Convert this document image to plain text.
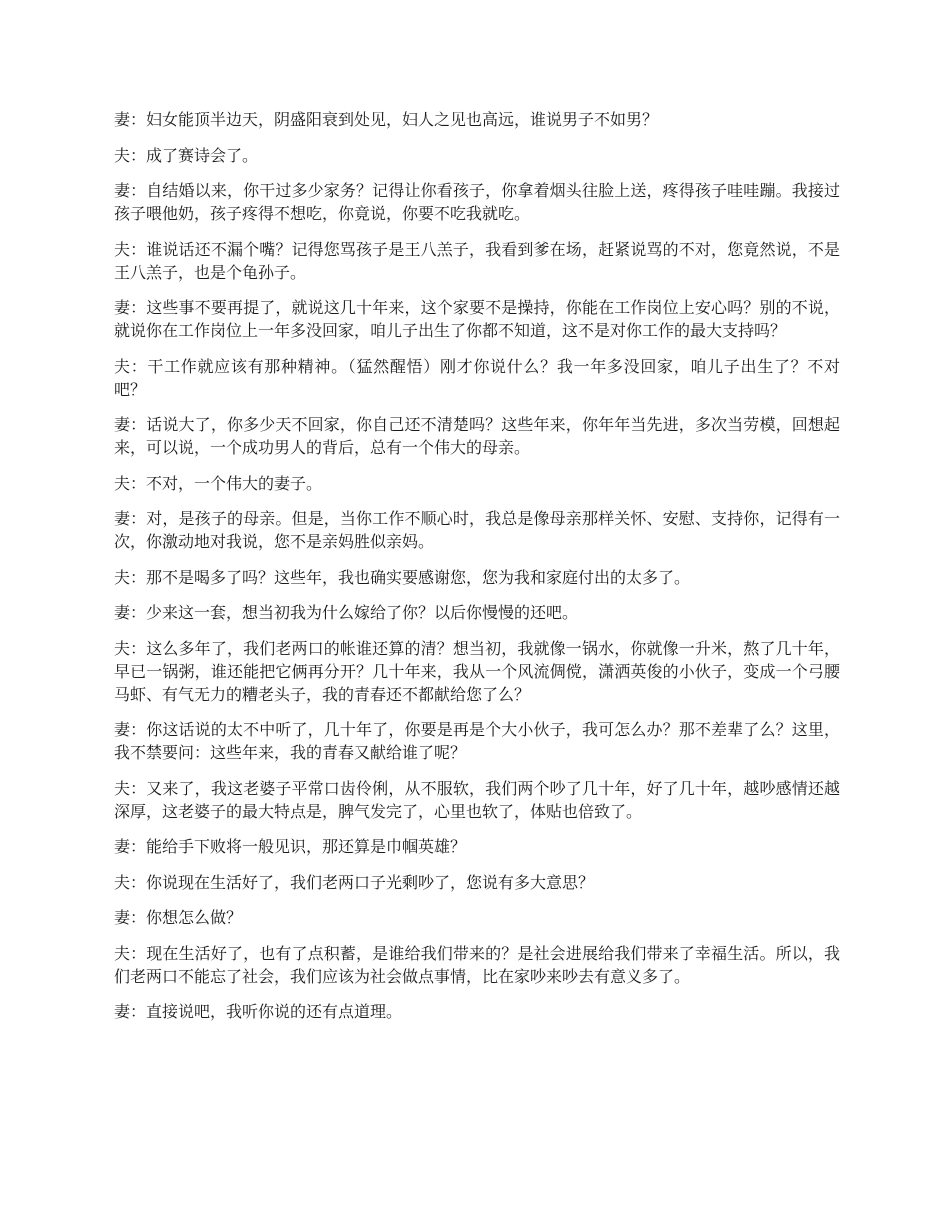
妻：妇女能顶半边天，阴盛阳衰到处见，妇人之见也高远，谁说男子不如男？

夫：成了赛诗会了。

妻：自结婚以来，你干过多少家务？记得让你看孩子，你拿着烟头往脸上送，疼得孩子哇哇蹦。我接过孩子喂他奶，孩子疼得不想吃，你竟说，你要不吃我就吃。

夫：谁说话还不漏个嘴？记得您骂孩子是王八羔子，我看到爹在场，赶紧说骂的不对，您竟然说，不是王八羔子，也是个龟孙子。

妻：这些事不要再提了，就说这几十年来，这个家要不是操持，你能在工作岗位上安心吗？别的不说，就说你在工作岗位上一年多没回家，咱儿子出生了你都不知道，这不是对你工作的最大支持吗？

夫：干工作就应该有那种精神。（猛然醒悟）刚才你说什么？我一年多没回家，咱儿子出生了？不对吧？

妻：话说大了，你多少天不回家，你自己还不清楚吗？这些年来，你年年当先进，多次当劳模，回想起来，可以说，一个成功男人的背后，总有一个伟大的母亲。

夫：不对，一个伟大的妻子。

妻：对，是孩子的母亲。但是，当你工作不顺心时，我总是像母亲那样关怀、安慰、支持你，记得有一次，你激动地对我说，您不是亲妈胜似亲妈。

夫：那不是喝多了吗？这些年，我也确实要感谢您，您为我和家庭付出的太多了。

妻：少来这一套，想当初我为什么嫁给了你？以后你慢慢的还吧。

夫：这么多年了，我们老两口的帐谁还算的清？想当初，我就像一锅水，你就像一升米，熬了几十年，早已一锅粥，谁还能把它俩再分开？几十年来，我从一个风流倜傥，潇洒英俊的小伙子，变成一个弓腰马虾、有气无力的糟老头子，我的青春还不都献给您了么？

妻：你这话说的太不中听了，几十年了，你要是再是个大小伙子，我可怎么办？那不差辈了么？这里，我不禁要问：这些年来，我的青春又献给谁了呢？

夫：又来了，我这老婆子平常口齿伶俐，从不服软，我们两个吵了几十年，好了几十年，越吵感情还越深厚，这老婆子的最大特点是，脾气发完了，心里也软了，体贴也倍致了。

妻：能给手下败将一般见识，那还算是巾帼英雄？

夫：你说现在生活好了，我们老两口子光剩吵了，您说有多大意思？

妻：你想怎么做？

夫：现在生活好了，也有了点积蓄，是谁给我们带来的？是社会进展给我们带来了幸福生活。所以，我们老两口不能忘了社会，我们应该为社会做点事情，比在家吵来吵去有意义多了。

妻：直接说吧，我听你说的还有点道理。
